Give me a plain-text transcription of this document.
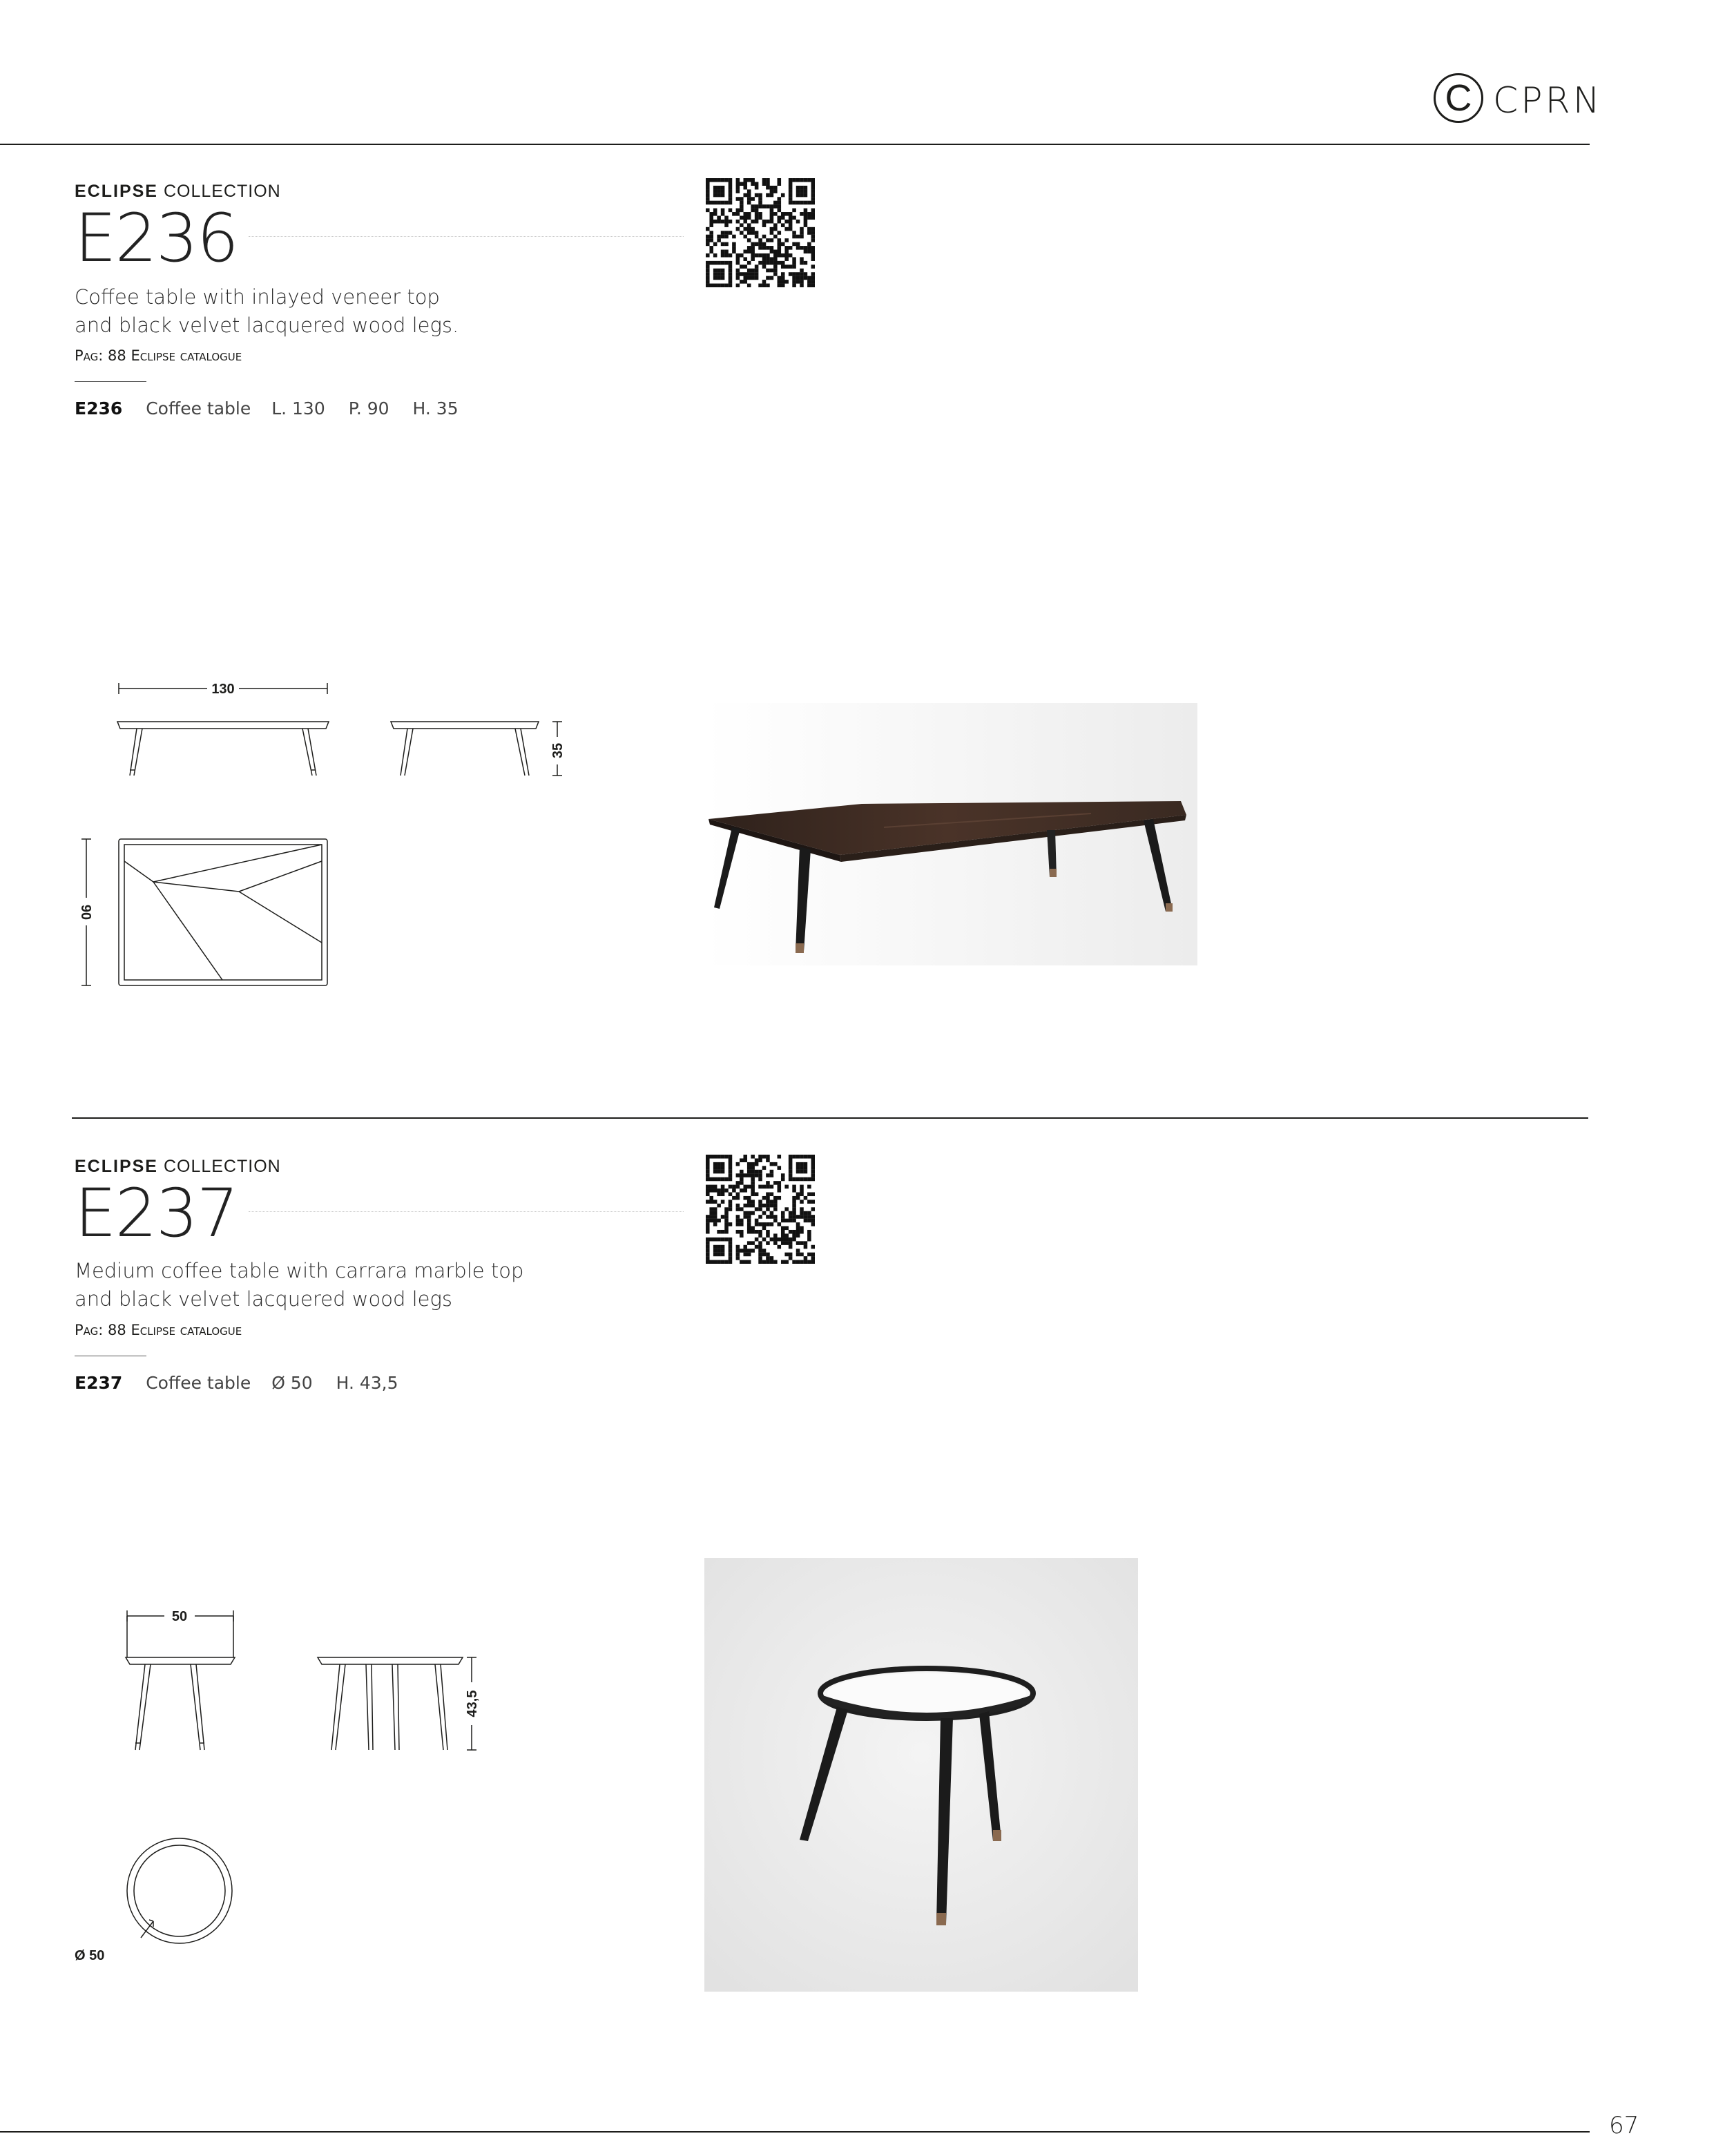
C CPRN
ECLIPSE COLLECTION
E236
Coffee table with inlayed veneer top
and black velvet lacquered wood legs.
Pag: 88 Eclipse catalogue
E236 Coffee table L. 130 P. 90 H. 35
130
35
90
ECLIPSE COLLECTION
E237
Medium coffee table with carrara marble top
and black velvet lacquered wood legs
Pag: 88 Eclipse catalogue
E237 Coffee table Ø 50 H. 43,5
50
43,5
Ø 50
67
